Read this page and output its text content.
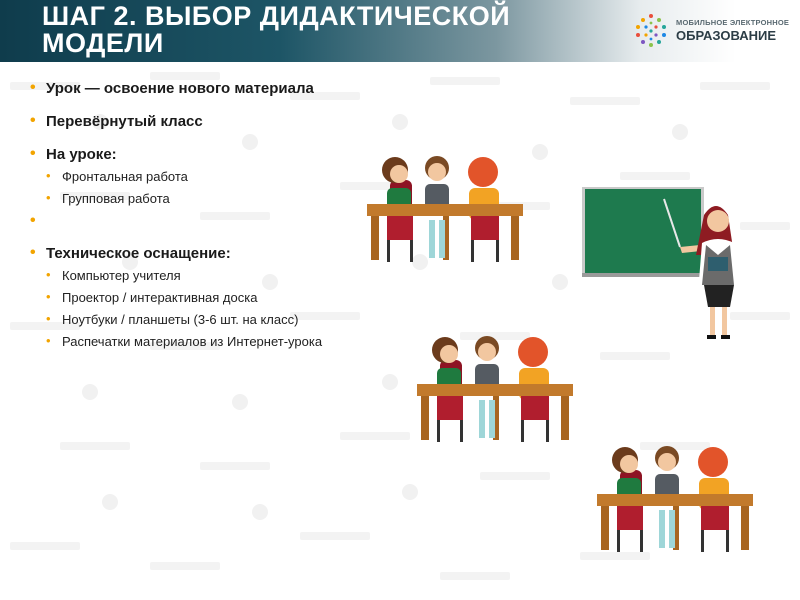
ШАГ 2. ВЫБОР ДИДАКТИЧЕСКОЙ
МОДЕЛИ
МОБИЛЬНОЕ ЭЛЕКТРОННОЕ
ОБРАЗОВАНИЕ
• Урок — освоение нового материала
• Перевёрнутый класс
• На уроке:
• Фронтальная работа
• Групповая работа
•
• Техническое оснащение:
• Компьютер учителя
• Проектор / интерактивная доска
• Ноутбуки / планшеты (3-6 шт. на класс)
• Распечатки материалов из Интернет-урока
